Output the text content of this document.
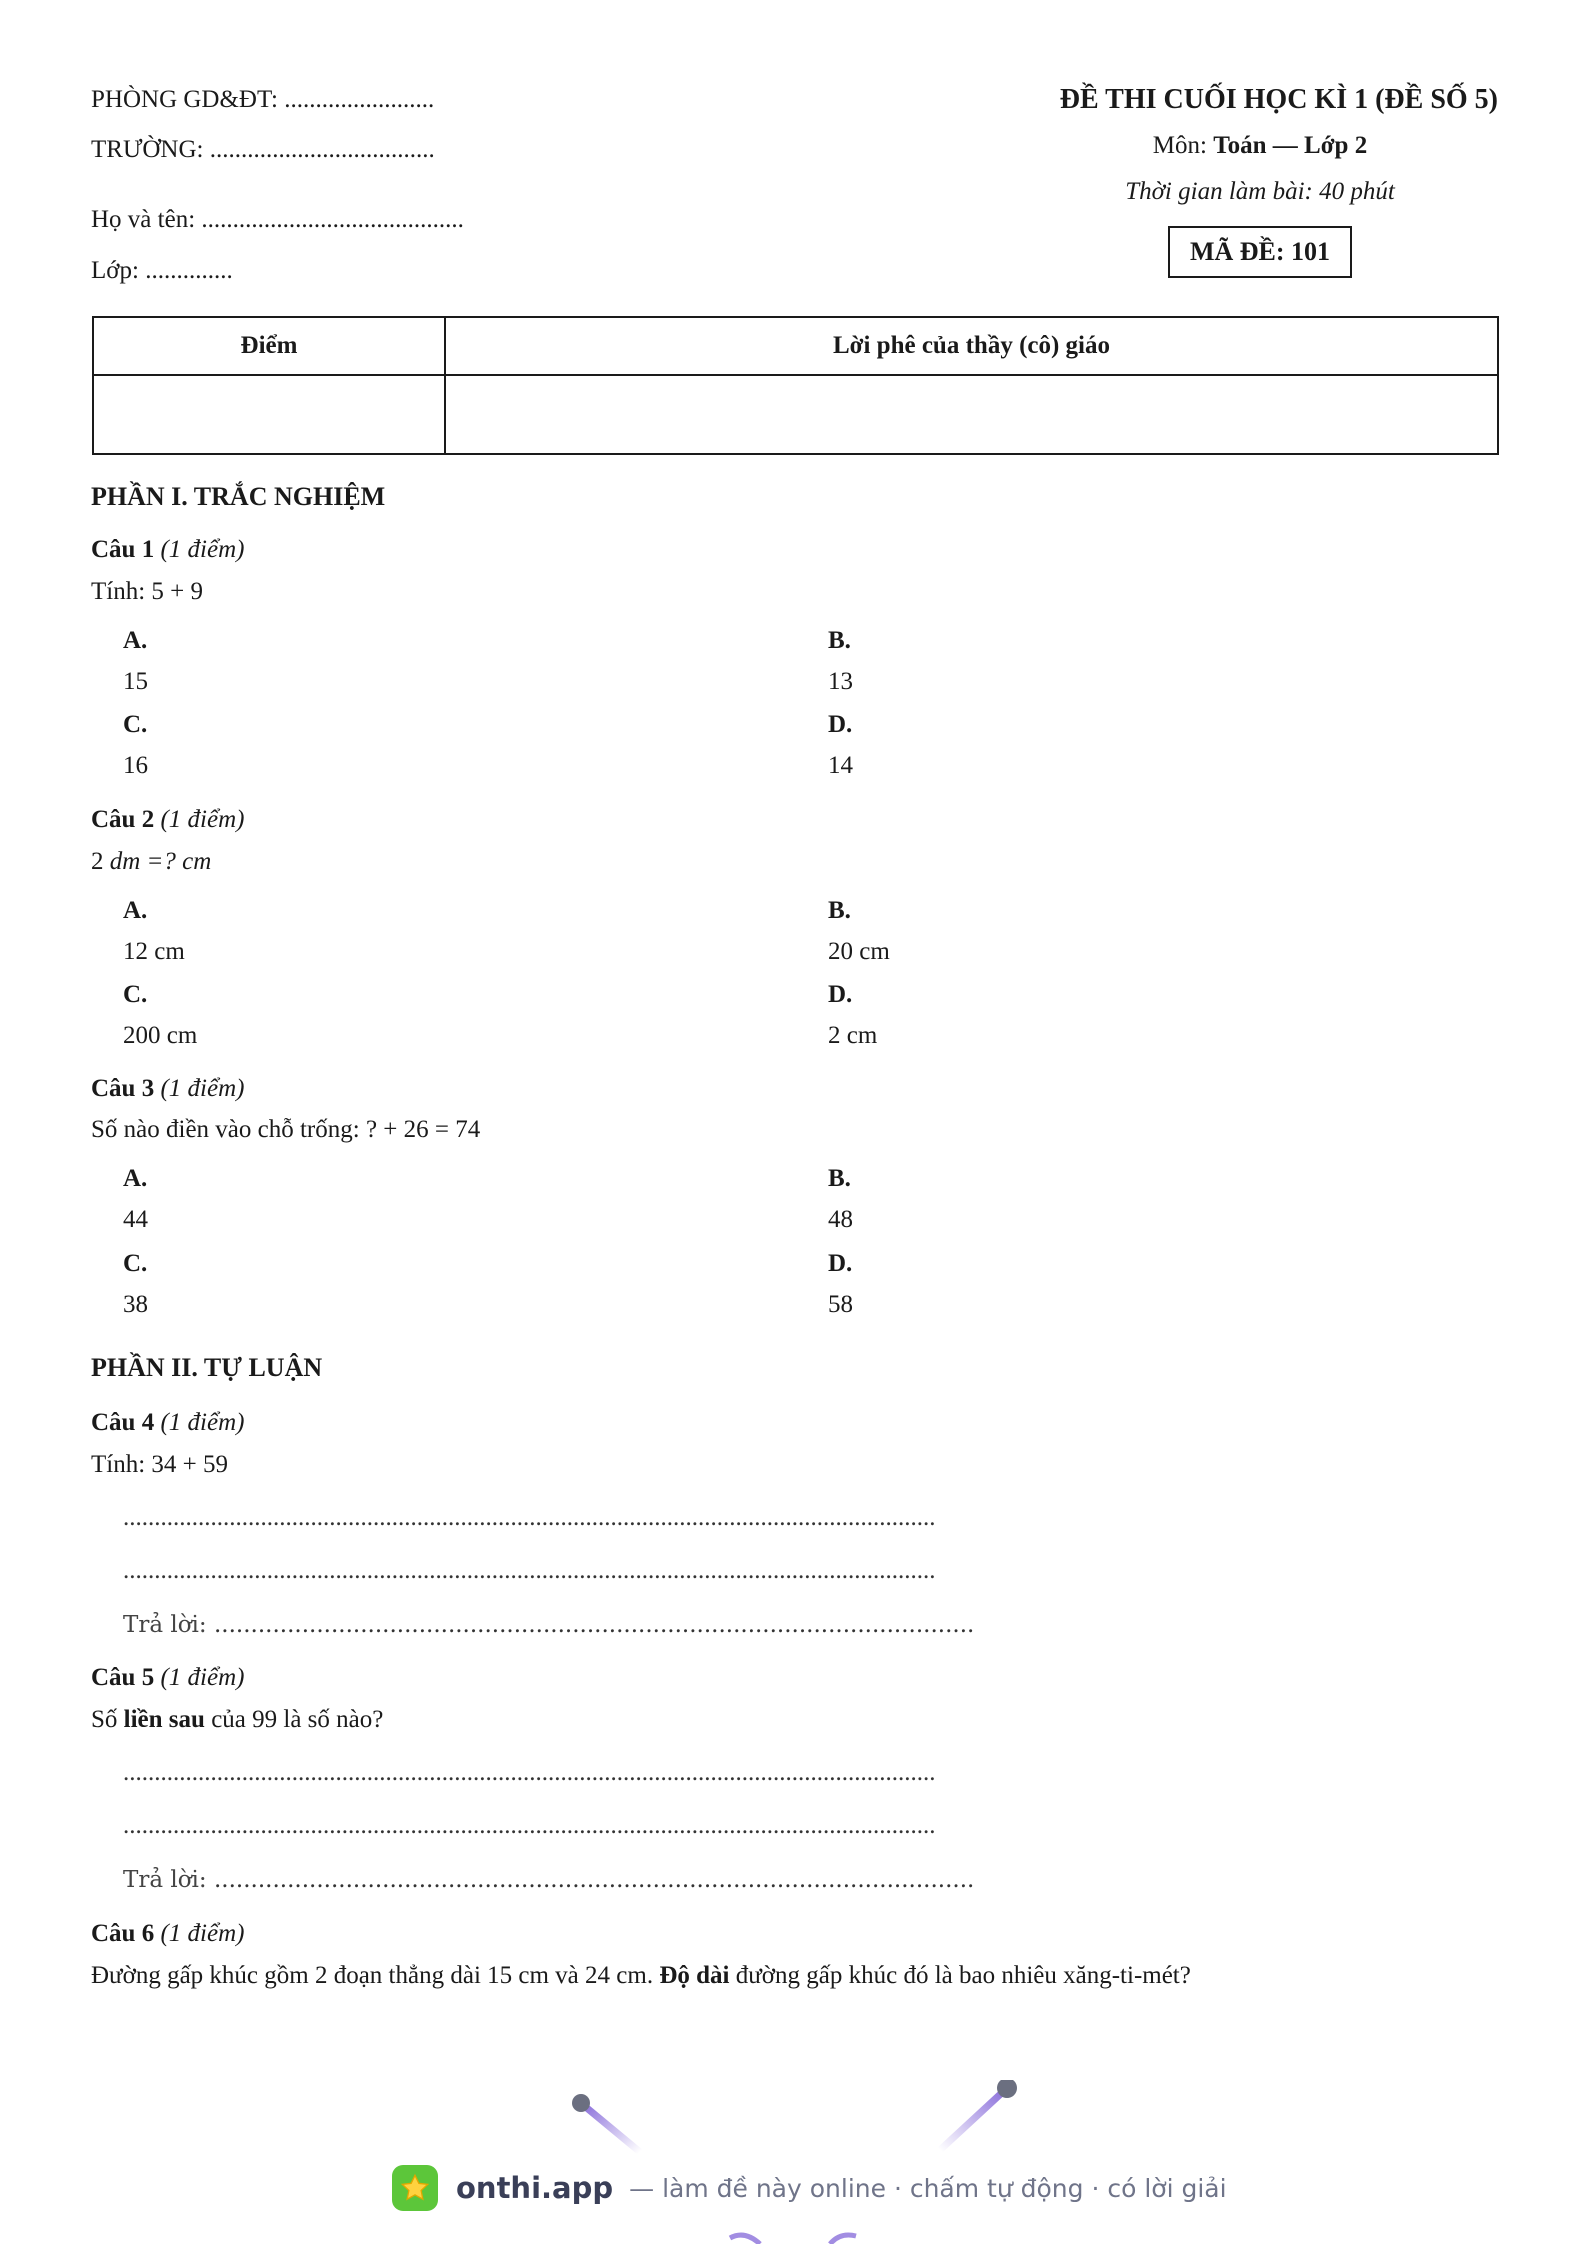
PHÒNG GD&ĐT: ........................
TRƯỜNG: ....................................
Họ và tên: ..........................................
Lớp: ..............
ĐỀ THI CUỐI HỌC KÌ 1 (ĐỀ SỐ 5)
Môn: Toán — Lớp 2
Thời gian làm bài: 40 phút
MÃ ĐỀ: 101
Điểm	Lời phê của thầy (cô) giáo

PHẦN I. TRẮC NGHIỆM
Câu 1 (1 điểm)
Tính: 5 + 9
A.
15
B.
13
C.
16
D.
14
Câu 2 (1 điểm)
2 dm =? cm
A.
12 cm
B.
20 cm
C.
200 cm
D.
2 cm
Câu 3 (1 điểm)
Số nào điền vào chỗ trống: ? + 26 = 74
A.
44
B.
48
C.
38
D.
58
PHẦN II. TỰ LUẬN
Câu 4 (1 điểm)
Tính: 34 + 59
..................................................................................................................................
..................................................................................................................................
Trả lời: ........................................................................................................
Câu 5 (1 điểm)
Số liền sau của 99 là số nào?
..................................................................................................................................
..................................................................................................................................
Trả lời: ........................................................................................................
Câu 6 (1 điểm)
Đường gấp khúc gồm 2 đoạn thẳng dài 15 cm và 24 cm. Độ dài đường gấp khúc đó là bao nhiêu xăng-ti-mét?
onthi.app — làm đề này online · chấm tự động · có lời giải
